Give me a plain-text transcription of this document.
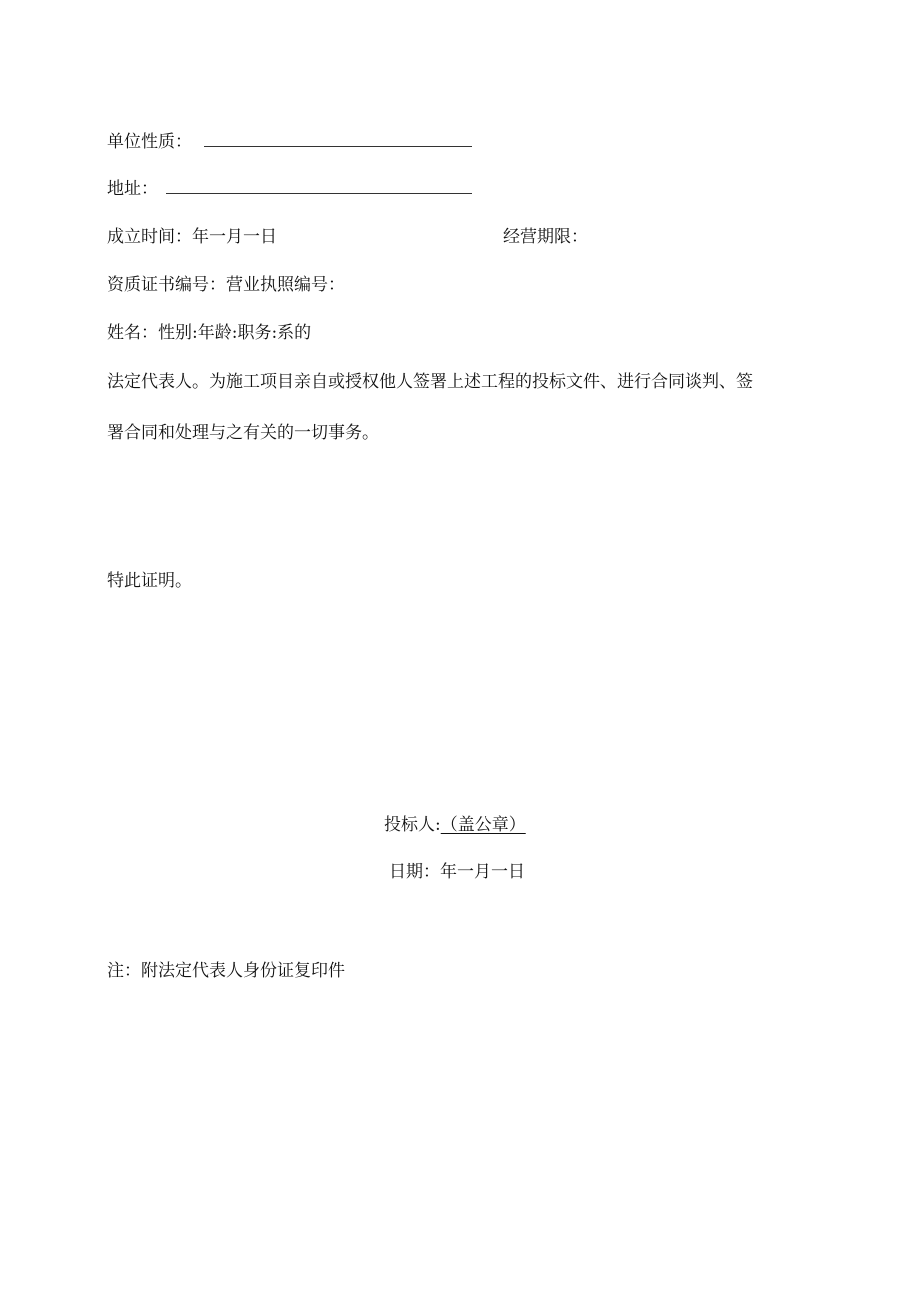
单位性质：
地址：
成立时间：年一月一日	经营期限：
资质证书编号：营业执照编号：
姓名：性别:年龄:职务:系的
法定代表人。为施工项目亲自或授权他人签署上述工程的投标文件、进行合同谈判、签
署合同和处理与之有关的一切事务。
特此证明。
投标人:（盖公章）
日期：年一月一日
注：附法定代表人身份证复印件
